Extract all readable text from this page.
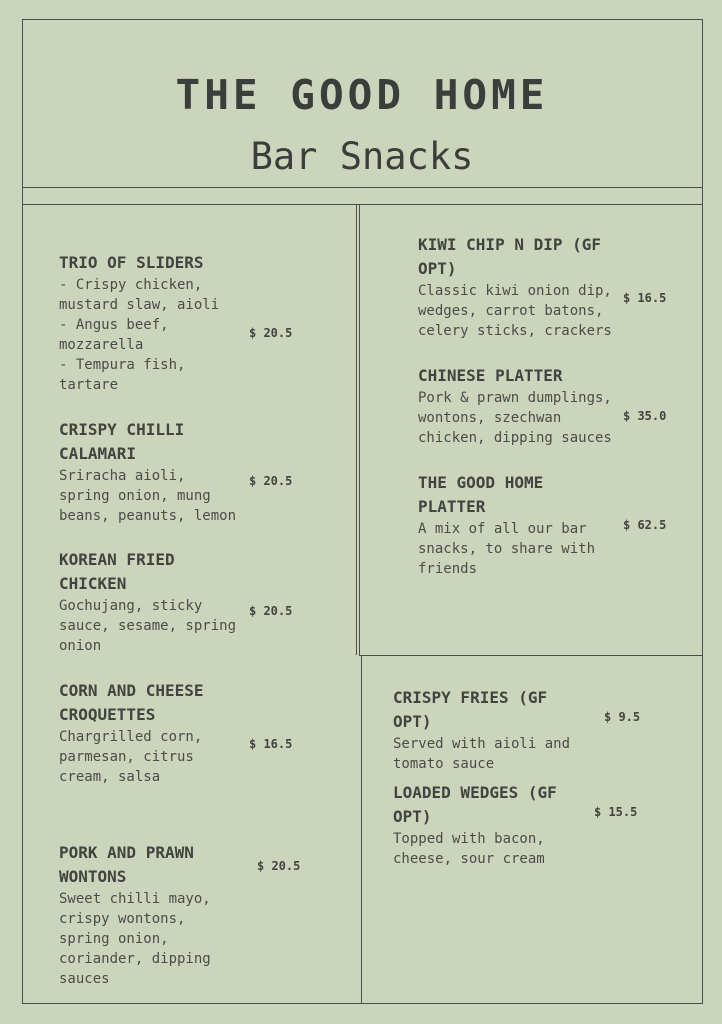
THE GOOD HOME
Bar Snacks
TRIO OF SLIDERS
- Crispy chicken,
mustard slaw, aioli
- Angus beef,
mozzarella
- Tempura fish,
tartare
$ 20.5
CRISPY CHILLI
CALAMARI
Sriracha aioli,
spring onion, mung
beans, peanuts, lemon
$ 20.5
KOREAN FRIED
CHICKEN
Gochujang, sticky
sauce, sesame, spring
onion
$ 20.5
CORN AND CHEESE
CROQUETTES
Chargrilled corn,
parmesan, citrus
cream, salsa
$ 16.5
PORK AND PRAWN
WONTONS
Sweet chilli mayo,
crispy wontons,
spring onion,
coriander, dipping
sauces
$ 20.5
KIWI CHIP N DIP (GF
OPT)
Classic kiwi onion dip,
wedges, carrot batons,
celery sticks, crackers
$ 16.5
CHINESE PLATTER
Pork & prawn dumplings,
wontons, szechwan
chicken, dipping sauces
$ 35.0
THE GOOD HOME
PLATTER
A mix of all our bar
snacks, to share with
friends
$ 62.5
CRISPY FRIES (GF
OPT)
Served with aioli and
tomato sauce
$ 9.5
LOADED WEDGES (GF
OPT)
Topped with bacon,
cheese, sour cream
$ 15.5
